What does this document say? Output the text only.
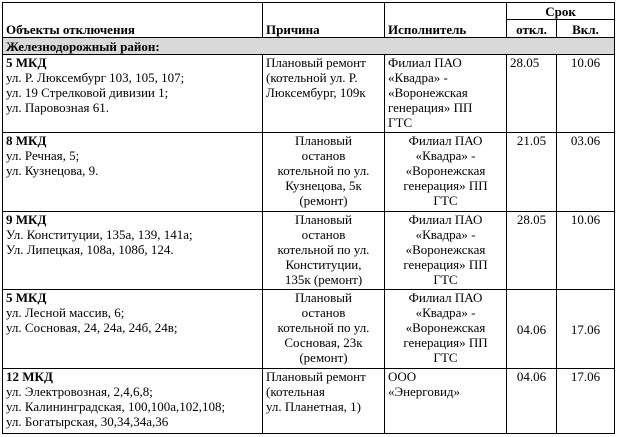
Объекты отключения	Причина	Исполнитель	Срок	
			откл.	Вкл.
Железнодорожный район:				

5 МКД
ул. Р. Люксембург 103, 105, 107;
ул. 19 Стрелковой дивизии 1;
ул. Паровозная 61.	Плановый ремонт
(котельной ул. Р.
Люксембург, 109к	Филиал ПАО
«Квадра» -
«Воронежская
генерация» ПП
ГТС	28.05	10.06

8 МКД
ул. Речная, 5;
ул. Кузнецова, 9.	Плановый
останов
котельной по ул.
Кузнецова, 5к
(ремонт)	Филиал ПАО
«Квадра» -
«Воронежская
генерация» ПП
ГТС	21.05	03.06

9 МКД
Ул. Конституции, 135а, 139, 141а;
Ул. Липецкая, 108а, 108б, 124.	Плановый
останов
котельной по ул.
Конституции,
135к (ремонт)	Филиал ПАО
«Квадра» -
«Воронежская
генерация» ПП
ГТС	28.05	10.06

5 МКД
ул. Лесной массив, 6;
ул. Сосновая, 24, 24а, 24б, 24в;	Плановый
останов
котельной по ул.
Сосновая, 23к
(ремонт)	Филиал ПАО
«Квадра» -
«Воронежская
генерация» ПП
ГТС	04.06	17.06

12 МКД
ул. Электровозная, 2,4,6,8;
ул. Калининградская, 100,100а,102,108;
ул. Богатырская, 30,34,34а,36	Плановый ремонт
(котельная
ул. Планетная, 1)	ООО
«Энерговид»	04.06	17.06
